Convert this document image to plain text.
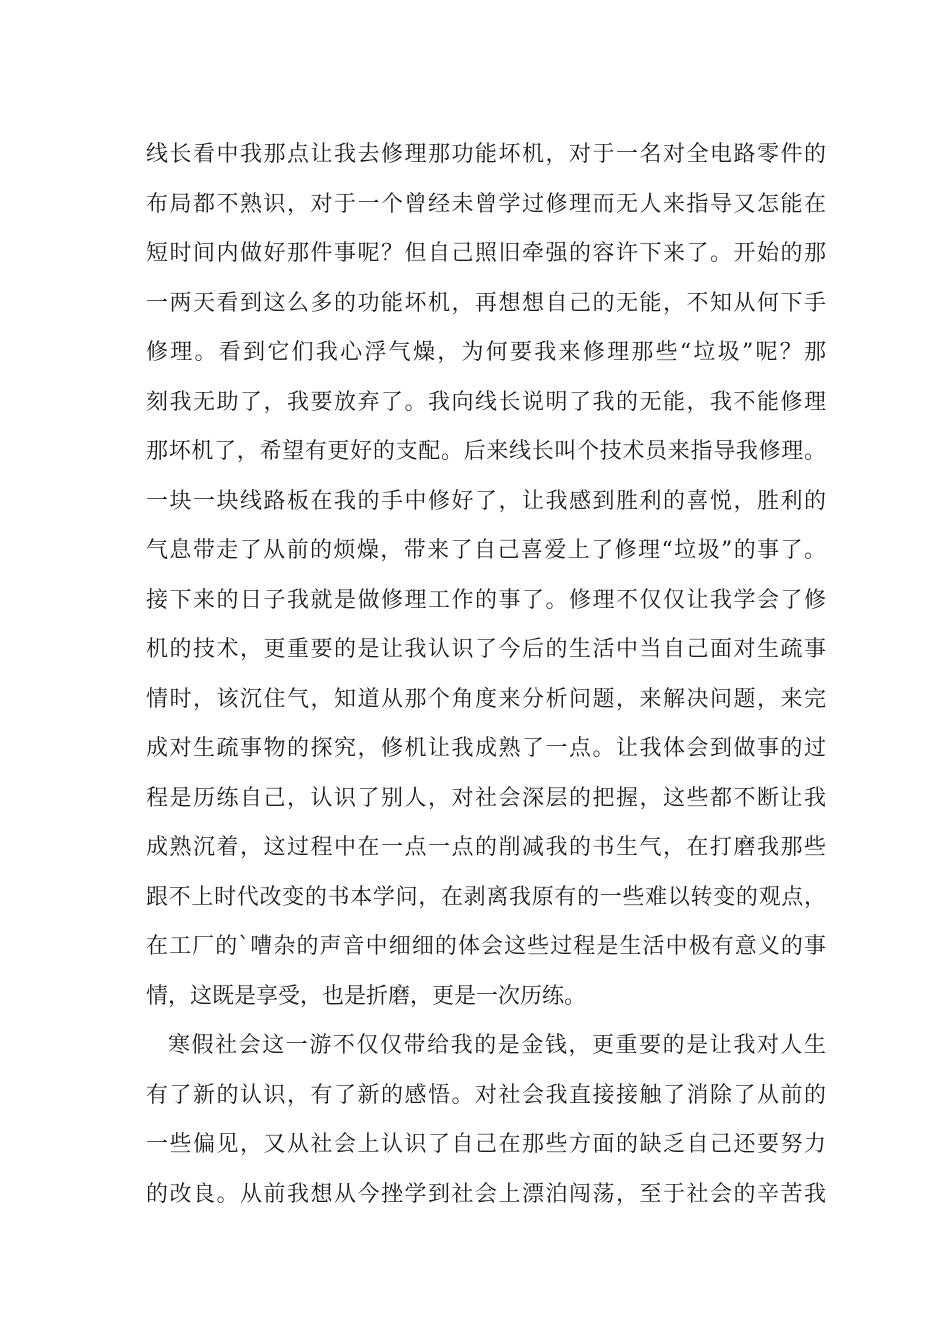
线长看中我那点让我去修理那功能坏机，对于一名对全电路零件的
布局都不熟识，对于一个曾经未曾学过修理而无人来指导又怎能在
短时间内做好那件事呢？但自己照旧牵强的容许下来了。开始的那
一两天看到这么多的功能坏机，再想想自己的无能，不知从何下手
修理。看到它们我心浮气燥，为何要我来修理那些“垃圾”呢？那
刻我无助了，我要放弃了。我向线长说明了我的无能，我不能修理
那坏机了，希望有更好的支配。后来线长叫个技术员来指导我修理。
一块一块线路板在我的手中修好了，让我感到胜利的喜悦，胜利的
气息带走了从前的烦燥，带来了自己喜爱上了修理“垃圾”的事了。
接下来的日子我就是做修理工作的事了。修理不仅仅让我学会了修
机的技术，更重要的是让我认识了今后的生活中当自己面对生疏事
情时，该沉住气，知道从那个角度来分析问题，来解决问题，来完
成对生疏事物的探究，修机让我成熟了一点。让我体会到做事的过
程是历练自己，认识了别人，对社会深层的把握，这些都不断让我
成熟沉着，这过程中在一点一点的削减我的书生气，在打磨我那些
跟不上时代改变的书本学问，在剥离我原有的一些难以转变的观点，
在工厂的`嘈杂的声音中细细的体会这些过程是生活中极有意义的事
情，这既是享受，也是折磨，更是一次历练。
寒假社会这一游不仅仅带给我的是金钱，更重要的是让我对人生
有了新的认识，有了新的感悟。对社会我直接接触了消除了从前的
一些偏见，又从社会上认识了自己在那些方面的缺乏自己还要努力
的改良。从前我想从今挫学到社会上漂泊闯荡，至于社会的辛苦我
